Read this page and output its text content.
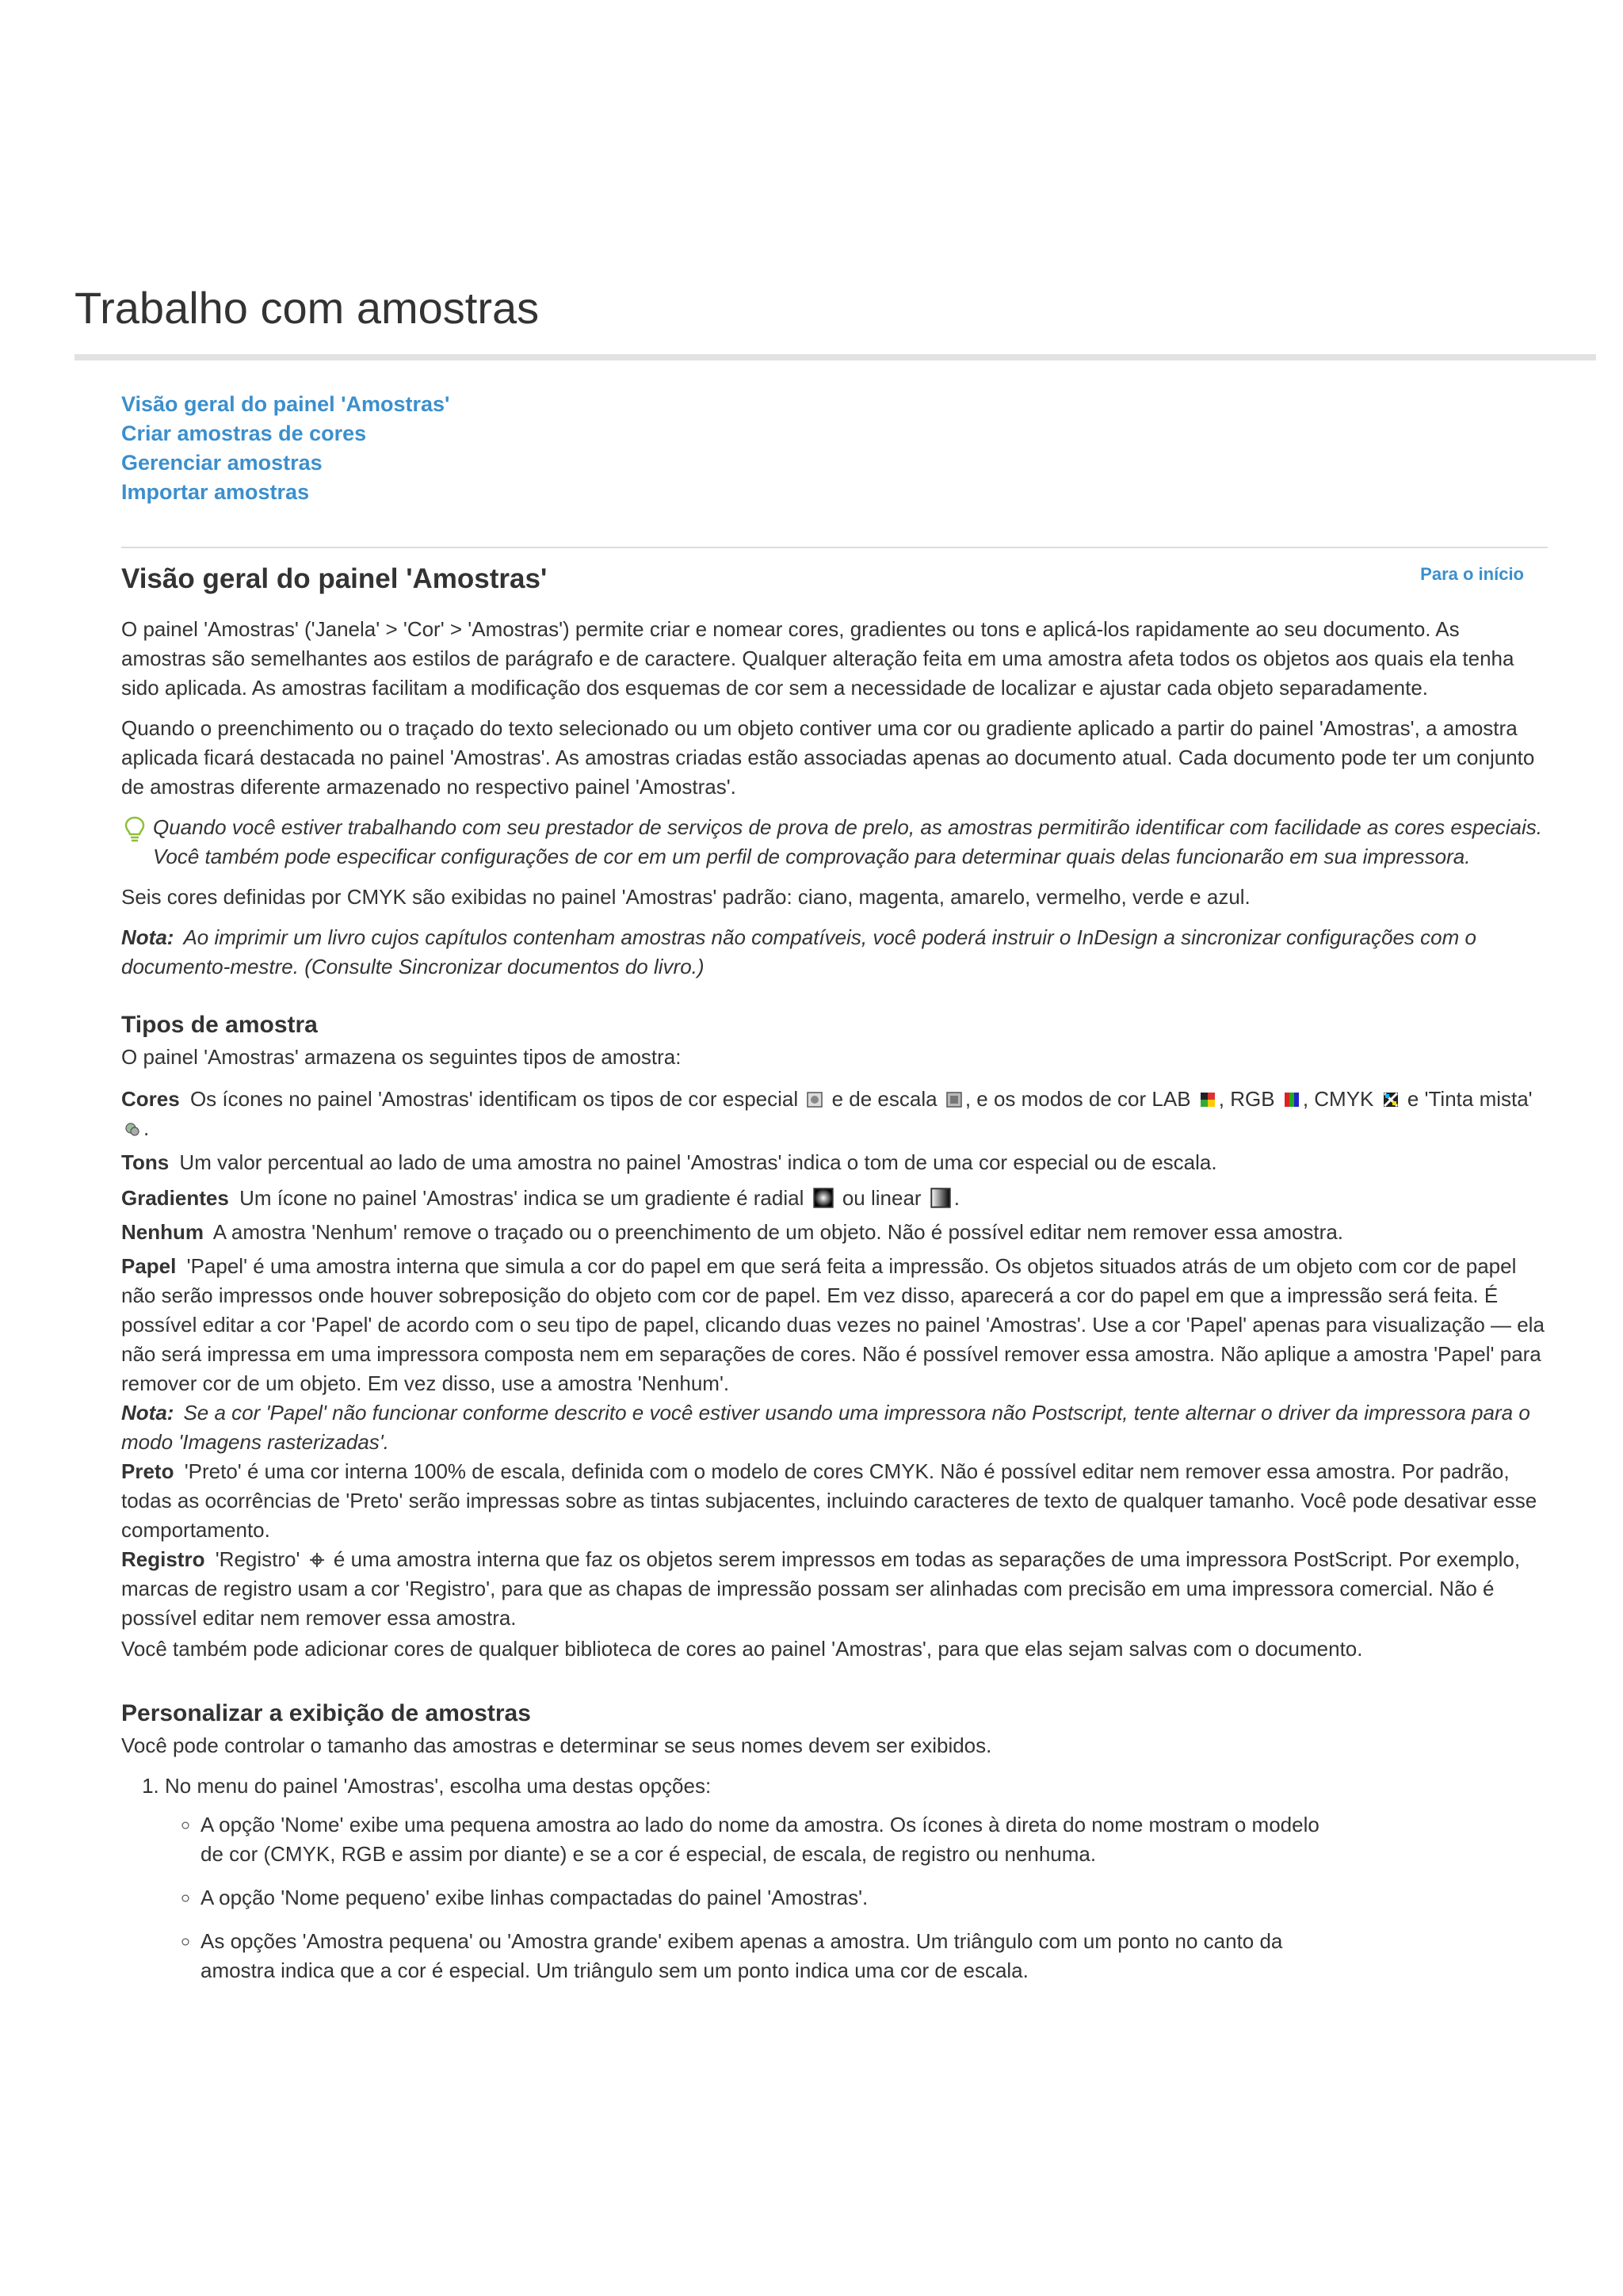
Trabalho com amostras
Visão geral do painel 'Amostras'
Criar amostras de cores
Gerenciar amostras
Importar amostras
Visão geral do painel 'Amostras'	Para o início

O painel 'Amostras' ('Janela' > 'Cor' > 'Amostras') permite criar e nomear cores, gradientes ou tons e aplicá-los rapidamente ao seu documento. As amostras são semelhantes aos estilos de parágrafo e de caractere. Qualquer alteração feita em uma amostra afeta todos os objetos aos quais ela tenha sido aplicada. As amostras facilitam a modificação dos esquemas de cor sem a necessidade de localizar e ajustar cada objeto separadamente.

Quando o preenchimento ou o traçado do texto selecionado ou um objeto contiver uma cor ou gradiente aplicado a partir do painel 'Amostras', a amostra aplicada ficará destacada no painel 'Amostras'. As amostras criadas estão associadas apenas ao documento atual. Cada documento pode ter um conjunto de amostras diferente armazenado no respectivo painel 'Amostras'.

Quando você estiver trabalhando com seu prestador de serviços de prova de prelo, as amostras permitirão identificar com facilidade as cores especiais. Você também pode especificar configurações de cor em um perfil de comprovação para determinar quais delas funcionarão em sua impressora.

Seis cores definidas por CMYK são exibidas no painel 'Amostras' padrão: ciano, magenta, amarelo, vermelho, verde e azul.

Nota: Ao imprimir um livro cujos capítulos contenham amostras não compatíveis, você poderá instruir o InDesign a sincronizar configurações com o documento-mestre. (Consulte Sincronizar documentos do livro.)
Tipos de amostra

O painel 'Amostras' armazena os seguintes tipos de amostra:

Cores Os ícones no painel 'Amostras' identificam os tipos de cor especial e de escala , e os modos de cor LAB , RGB , CMYK e 'Tinta mista' .
Tons Um valor percentual ao lado de uma amostra no painel 'Amostras' indica o tom de uma cor especial ou de escala.
Gradientes Um ícone no painel 'Amostras' indica se um gradiente é radial ou linear .
Nenhum A amostra 'Nenhum' remove o traçado ou o preenchimento de um objeto. Não é possível editar nem remover essa amostra.
Papel 'Papel' é uma amostra interna que simula a cor do papel em que será feita a impressão. Os objetos situados atrás de um objeto com cor de papel não serão impressos onde houver sobreposição do objeto com cor de papel. Em vez disso, aparecerá a cor do papel em que a impressão será feita. É possível editar a cor 'Papel' de acordo com o seu tipo de papel, clicando duas vezes no painel 'Amostras'. Use a cor 'Papel' apenas para visualização — ela não será impressa em uma impressora composta nem em separações de cores. Não é possível remover essa amostra. Não aplique a amostra 'Papel' para remover cor de um objeto. Em vez disso, use a amostra 'Nenhum'.
Nota: Se a cor 'Papel' não funcionar conforme descrito e você estiver usando uma impressora não Postscript, tente alternar o driver da impressora para o modo 'Imagens rasterizadas'.
Preto 'Preto' é uma cor interna 100% de escala, definida com o modelo de cores CMYK. Não é possível editar nem remover essa amostra. Por padrão, todas as ocorrências de 'Preto' serão impressas sobre as tintas subjacentes, incluindo caracteres de texto de qualquer tamanho. Você pode desativar esse comportamento.
Registro 'Registro' é uma amostra interna que faz os objetos serem impressos em todas as separações de uma impressora PostScript. Por exemplo, marcas de registro usam a cor 'Registro', para que as chapas de impressão possam ser alinhadas com precisão em uma impressora comercial. Não é possível editar nem remover essa amostra.

Você também pode adicionar cores de qualquer biblioteca de cores ao painel 'Amostras', para que elas sejam salvas com o documento.

Personalizar a exibição de amostras

Você pode controlar o tamanho das amostras e determinar se seus nomes devem ser exibidos.

1. No menu do painel 'Amostras', escolha uma destas opções:
◦ A opção 'Nome' exibe uma pequena amostra ao lado do nome da amostra. Os ícones à direta do nome mostram o modelo de cor (CMYK, RGB e assim por diante) e se a cor é especial, de escala, de registro ou nenhuma.
◦ A opção 'Nome pequeno' exibe linhas compactadas do painel 'Amostras'.
◦ As opções 'Amostra pequena' ou 'Amostra grande' exibem apenas a amostra. Um triângulo com um ponto no canto da amostra indica que a cor é especial. Um triângulo sem um ponto indica uma cor de escala.
